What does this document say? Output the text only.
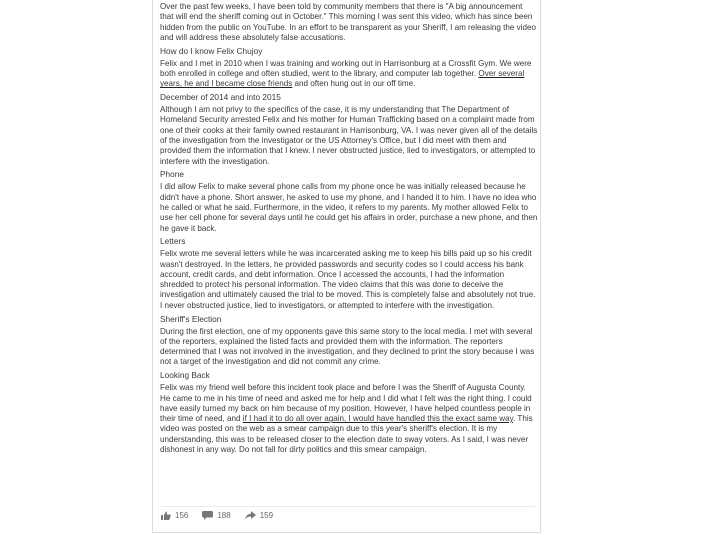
Over the past few weeks, I have been told by community members that there is "A big announcement that will end the sheriff coming out in October." This morning I was sent this video, which has since been hidden from the public on YouTube. In an effort to be transparent as your Sheriff, I am releasing the video and will address these absolutely false accusations.

How do I know Felix Chujoy

Felix and I met in 2010 when I was training and working out in Harrisonburg at a Crossfit Gym. We were both enrolled in college and often studied, went to the library, and computer lab together. Over several years, he and I became close friends and often hung out in our off time.

December of 2014 and into 2015

Although I am not privy to the specifics of the case, it is my understanding that The Department of Homeland Security arrested Felix and his mother for Human Trafficking based on a complaint made from one of their cooks at their family owned restaurant in Harrisonburg, VA. I was never given all of the details of the investigation from the investigator or the US Attorney's Office, but I did meet with them and provided them the information that I knew. I never obstructed justice, lied to investigators, or attempted to interfere with the investigation.

Phone

I did allow Felix to make several phone calls from my phone once he was initially released because he didn't have a phone. Short answer, he asked to use my phone, and I handed it to him. I have no idea who he called or what he said. Furthermore, in the video, it refers to my parents. My mother allowed Felix to use her cell phone for several days until he could get his affairs in order, purchase a new phone, and then he gave it back.

Letters

Felix wrote me several letters while he was incarcerated asking me to keep his bills paid up so his credit wasn't destroyed. In the letters, he provided passwords and security codes so I could access his bank account, credit cards, and debt information. Once I accessed the accounts, I had the information shredded to protect his personal information. The video claims that this was done to deceive the investigation and ultimately caused the trial to be moved. This is completely false and absolutely not true. I never obstructed justice, lied to investigators, or attempted to interfere with the investigation.

Sheriff's Election

During the first election, one of my opponents gave this same story to the local media. I met with several of the reporters, explained the listed facts and provided them with the information. The reporters determined that I was not involved in the investigation, and they declined to print the story because I was not a target of the investigation and did not commit any crime.

Looking Back

Felix was my friend well before this incident took place and before I was the Sheriff of Augusta County. He came to me in his time of need and asked me for help and I did what I felt was the right thing. I could have easily turned my back on him because of my position. However, I have helped countless people in their time of need, and if I had it to do all over again, I would have handled this the exact same way. This video was posted on the web as a smear campaign due to this year's sheriff's election. It is my understanding, this was to be released closer to the election date to sway voters. As I said, I was never dishonest in any way. Do not fall for dirty politics and this smear campaign.

156	188	159
